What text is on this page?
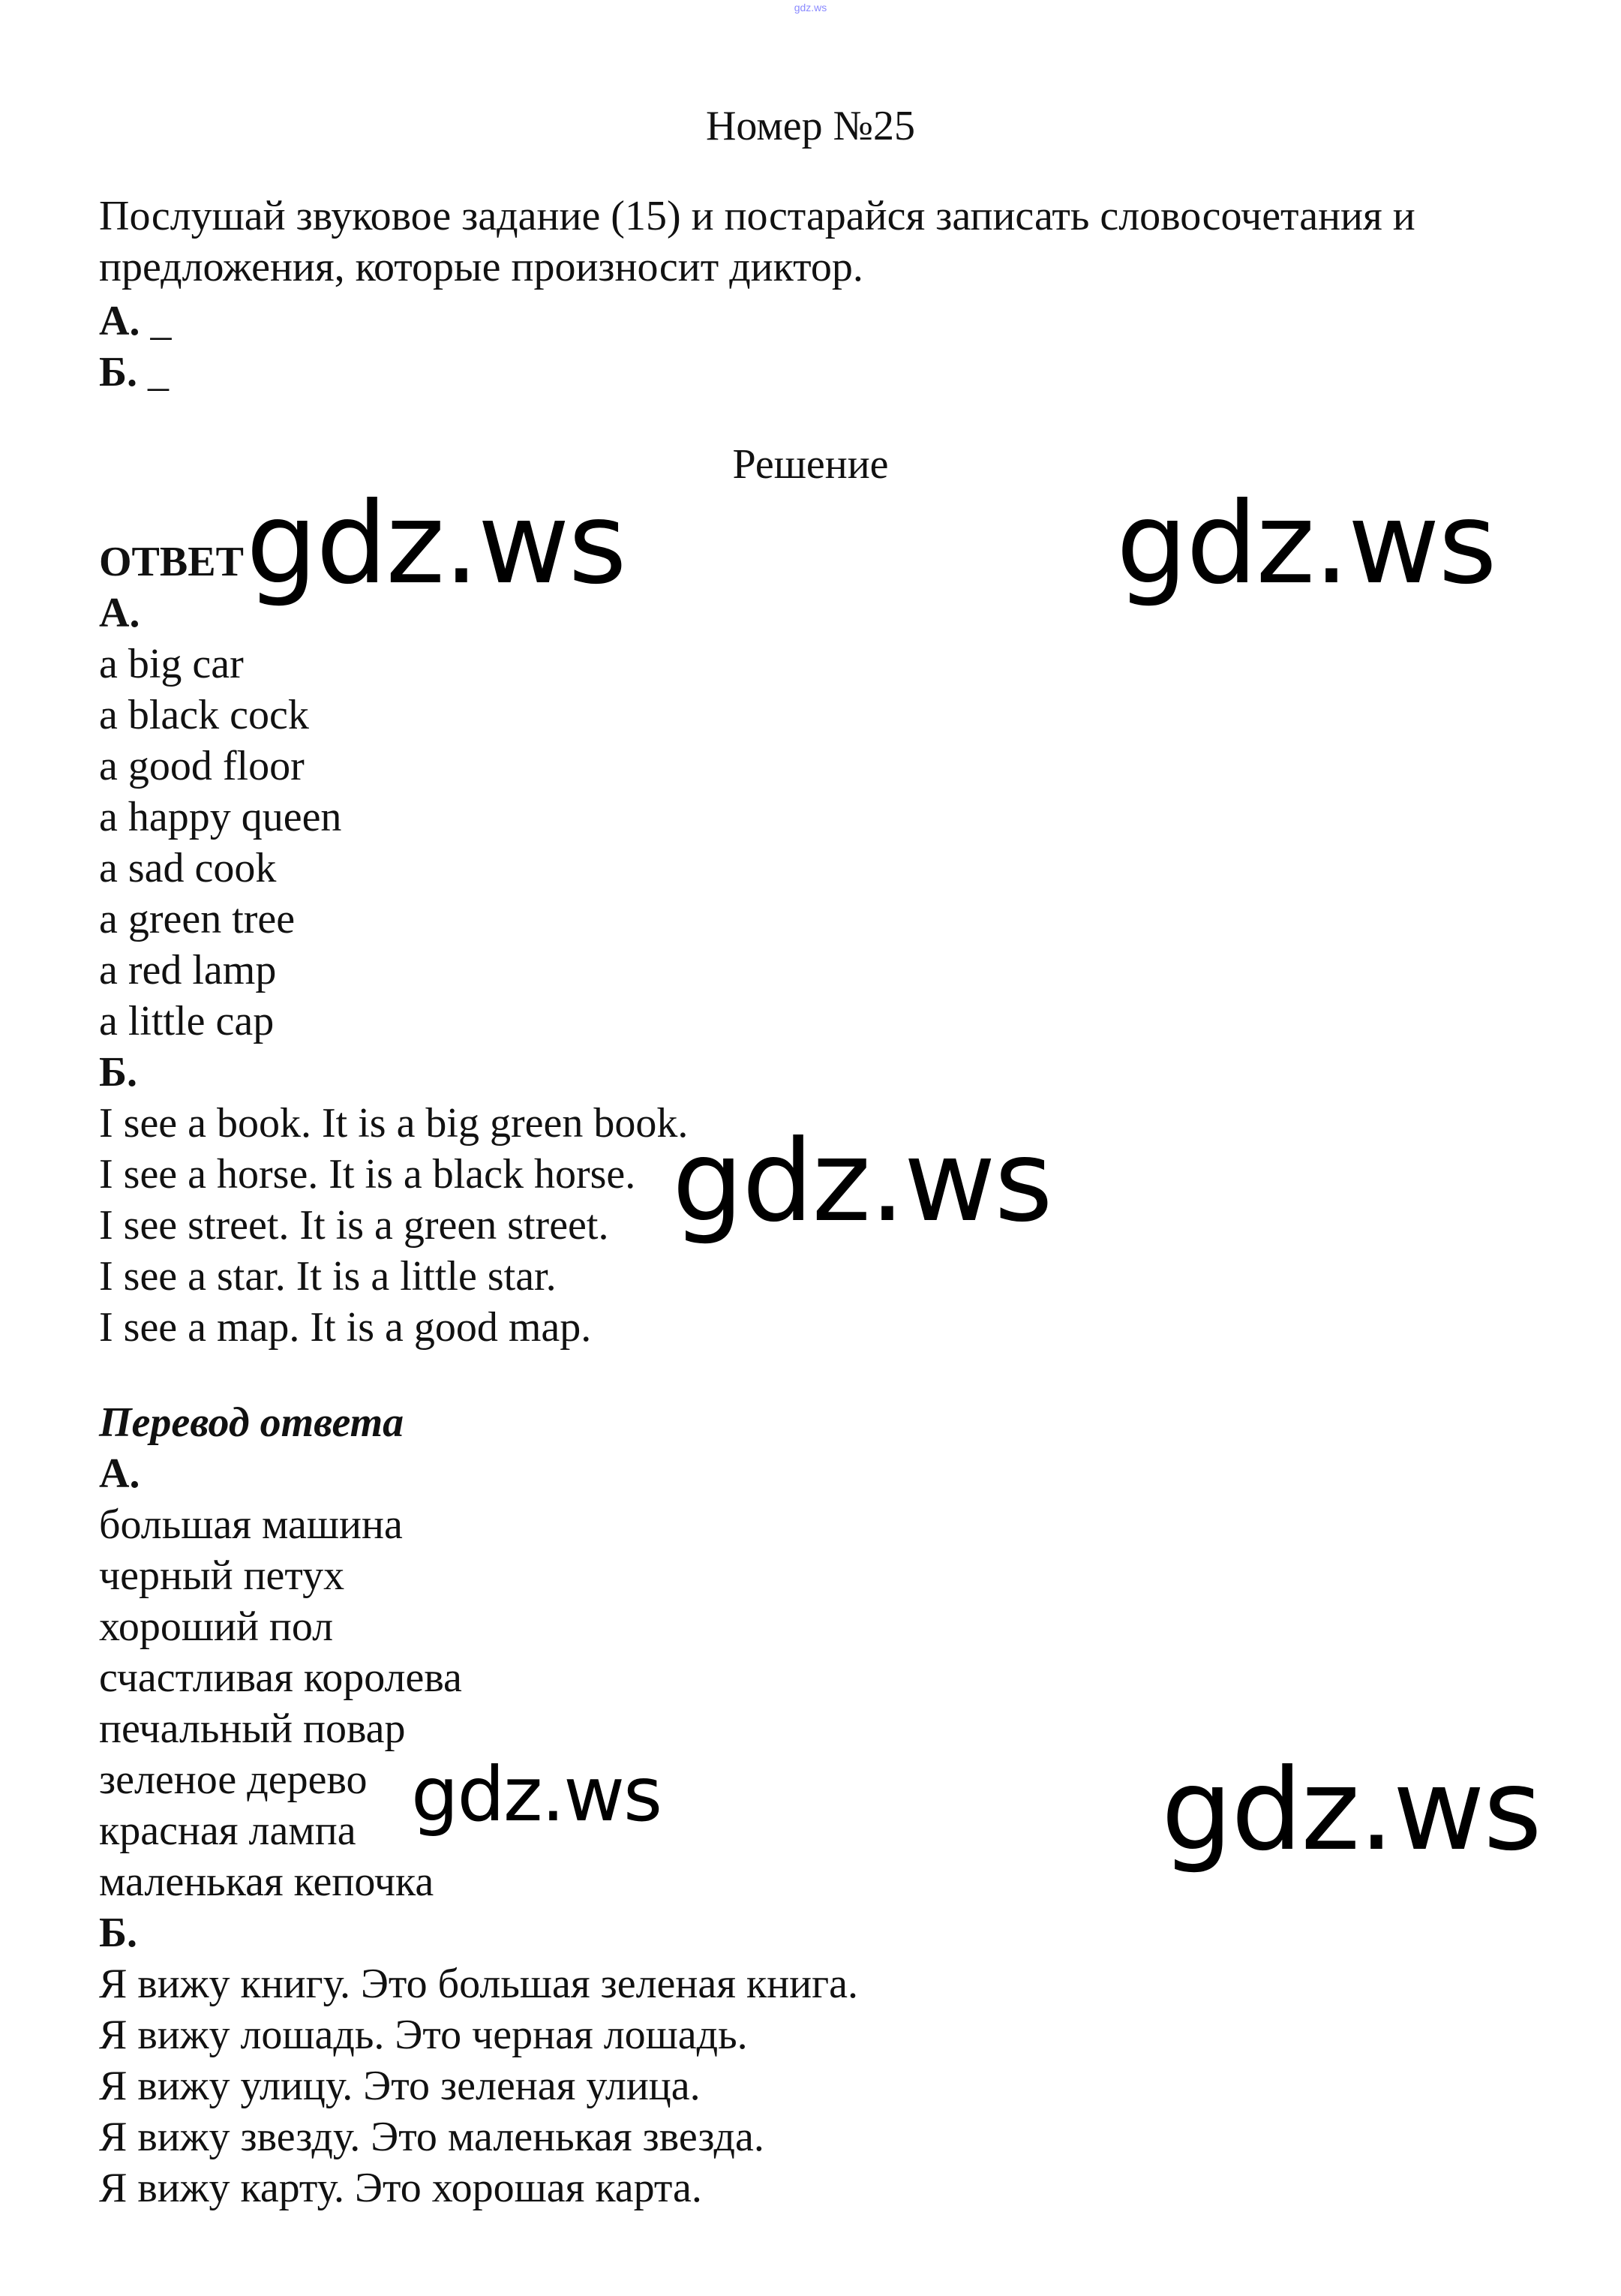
gdz.ws
Номер №25

Послушай звуковое задание (15) и постарайся записать словосочетания и предложения, которые произносит диктор.

А. _
Б. _
Решение
ОТВЕТ
А.
a big car
a black cock
a good floor
a happy queen
a sad cook
a green tree
a red lamp
a little cap
Б.
I see a book. It is a big green book.
I see a horse. It is a black horse.
I see street. It is a green street.
I see a star. It is a little star.
I see a map. It is a good map.
Перевод ответа
А.
большая машина
черный петух
хороший пол
счастливая королева
печальный повар
зеленое дерево
красная лампа
маленькая кепочка
Б.
Я вижу книгу. Это большая зеленая книга.
Я вижу лошадь. Это черная лошадь.
Я вижу улицу. Это зеленая улица.
Я вижу звезду. Это маленькая звезда.
Я вижу карту. Это хорошая карта.
gdz.ws	gdz.ws
gdz.ws
gdz.ws	gdz.ws
